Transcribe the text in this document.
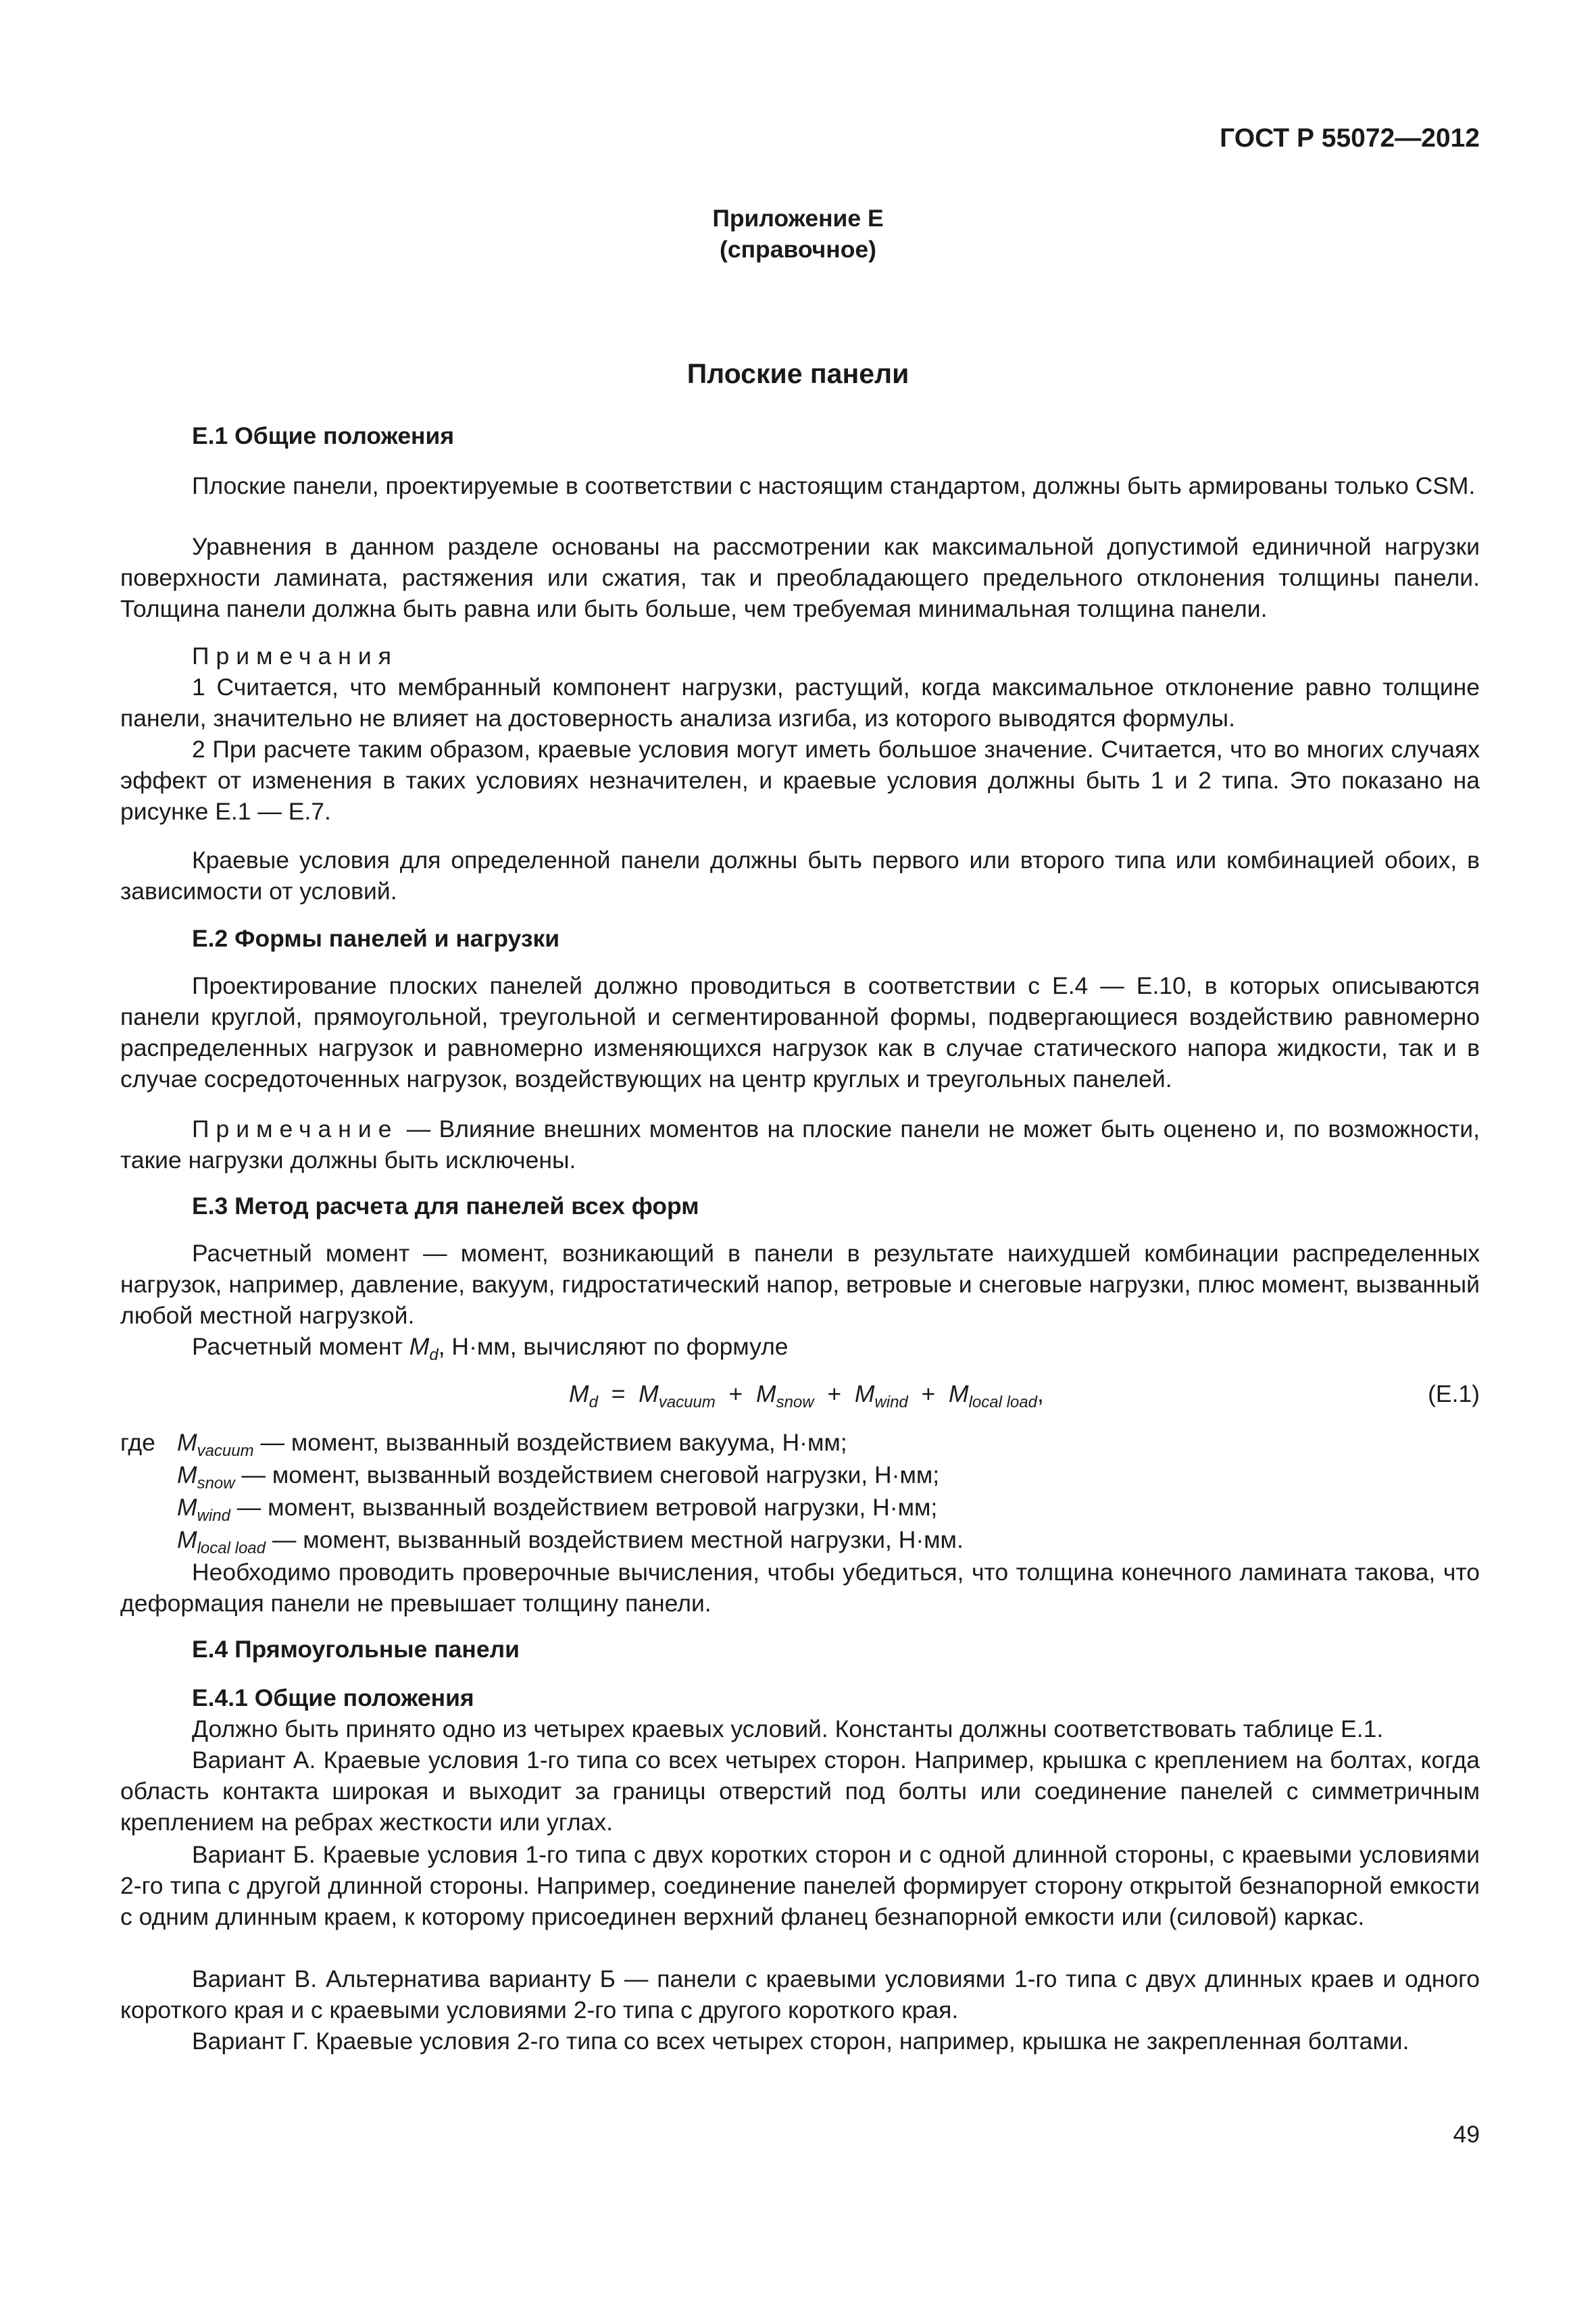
ГОСТ Р 55072—2012
Приложение Е
(справочное)
Плоские панели
Е.1 Общие положения
Плоские панели, проектируемые в соответствии с настоящим стандартом, должны быть армированы только CSM.
Уравнения в данном разделе основаны на рассмотрении как максимальной допустимой единичной нагрузки поверхности ламината, растяжения или сжатия, так и преобладающего предельного отклонения толщины панели. Толщина панели должна быть равна или быть больше, чем требуемая минимальная толщина панели.
Примечания
1 Считается, что мембранный компонент нагрузки, растущий, когда максимальное отклонение равно толщине панели, значительно не влияет на достоверность анализа изгиба, из которого выводятся формулы.
2 При расчете таким образом, краевые условия могут иметь большое значение. Считается, что во многих случаях эффект от изменения в таких условиях незначителен, и краевые условия должны быть 1 и 2 типа. Это показано на рисунке Е.1 — Е.7.
Краевые условия для определенной панели должны быть первого или второго типа или комбинацией обоих, в зависимости от условий.
Е.2 Формы панелей и нагрузки
Проектирование плоских панелей должно проводиться в соответствии с Е.4 — Е.10, в которых описываются панели круглой, прямоугольной, треугольной и сегментированной формы, подвергающиеся воздействию равномерно распределенных нагрузок и равномерно изменяющихся нагрузок как в случае статического напора жидкости, так и в случае сосредоточенных нагрузок, воздействующих на центр круглых и треугольных панелей.
Примечание — Влияние внешних моментов на плоские панели не может быть оценено и, по возможности, такие нагрузки должны быть исключены.
Е.3 Метод расчета для панелей всех форм
Расчетный момент — момент, возникающий в панели в результате наихудшей комбинации распределенных нагрузок, например, давление, вакуум, гидростатический напор, ветровые и снеговые нагрузки, плюс момент, вызванный любой местной нагрузкой.
Расчетный момент $M_d$, Н·мм, вычисляют по формуле
$M_d = M_{vacuum} + M_{snow} + M_{wind} + M_{local load}$,	(Е.1)
где $M_{vacuum}$ — момент, вызванный воздействием вакуума, Н·мм;
$M_{snow}$ — момент, вызванный воздействием снеговой нагрузки, Н·мм;
$M_{wind}$ — момент, вызванный воздействием ветровой нагрузки, Н·мм;
$M_{local load}$ — момент, вызванный воздействием местной нагрузки, Н·мм.
Необходимо проводить проверочные вычисления, чтобы убедиться, что толщина конечного ламината такова, что деформация панели не превышает толщину панели.
Е.4 Прямоугольные панели
Е.4.1 Общие положения
Должно быть принято одно из четырех краевых условий. Константы должны соответствовать таблице Е.1.
Вариант А. Краевые условия 1-го типа со всех четырех сторон. Например, крышка с креплением на болтах, когда область контакта широкая и выходит за границы отверстий под болты или соединение панелей с симметричным креплением на ребрах жесткости или углах.
Вариант Б. Краевые условия 1-го типа с двух коротких сторон и с одной длинной стороны, с краевыми условиями 2-го типа с другой длинной стороны. Например, соединение панелей формирует сторону открытой безнапорной емкости с одним длинным краем, к которому присоединен верхний фланец безнапорной емкости или (силовой) каркас.
Вариант В. Альтернатива варианту Б — панели с краевыми условиями 1-го типа с двух длинных краев и одного короткого края и с краевыми условиями 2-го типа с другого короткого края.
Вариант Г. Краевые условия 2-го типа со всех четырех сторон, например, крышка не закрепленная болтами.
49
